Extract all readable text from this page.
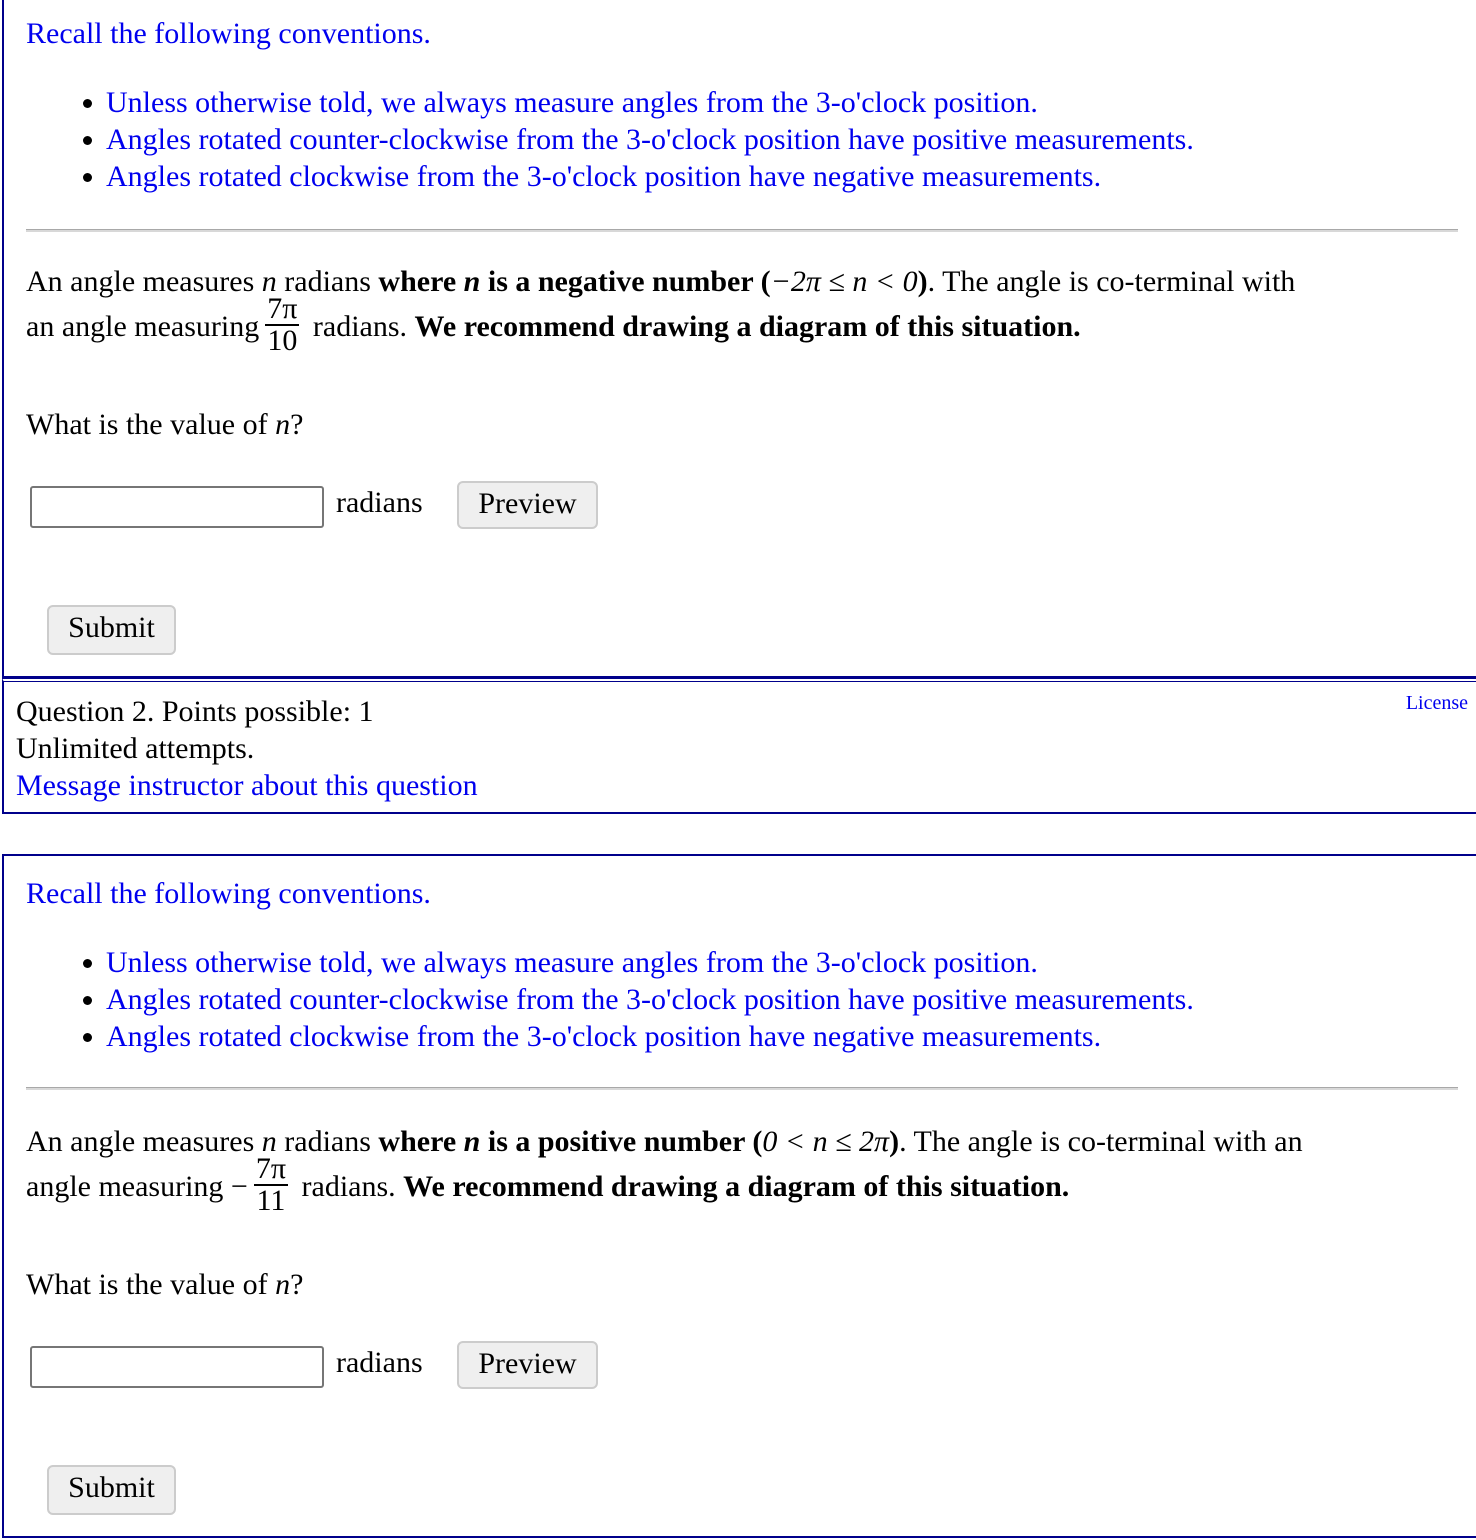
Recall the following conventions.
Unless otherwise told, we always measure angles from the 3-o'clock position.
Angles rotated counter-clockwise from the 3-o'clock position have positive measurements.
Angles rotated clockwise from the 3-o'clock position have negative measurements.
An angle measures n radians where n is a negative number (−2π ≤ n < 0). The angle is co-terminal with
an angle measuring $\frac{7\pi}{10}$ radians. We recommend drawing a diagram of this situation.
What is the value of n?
radians	Preview
Submit
Question 2. Points possible: 1
Unlimited attempts.
Message instructor about this question
License
Recall the following conventions.
Unless otherwise told, we always measure angles from the 3-o'clock position.
Angles rotated counter-clockwise from the 3-o'clock position have positive measurements.
Angles rotated clockwise from the 3-o'clock position have negative measurements.
An angle measures n radians where n is a positive number (0 < n ≤ 2π). The angle is co-terminal with an
angle measuring − $\frac{7\pi}{11}$ radians. We recommend drawing a diagram of this situation.
What is the value of n?
radians	Preview
Submit
